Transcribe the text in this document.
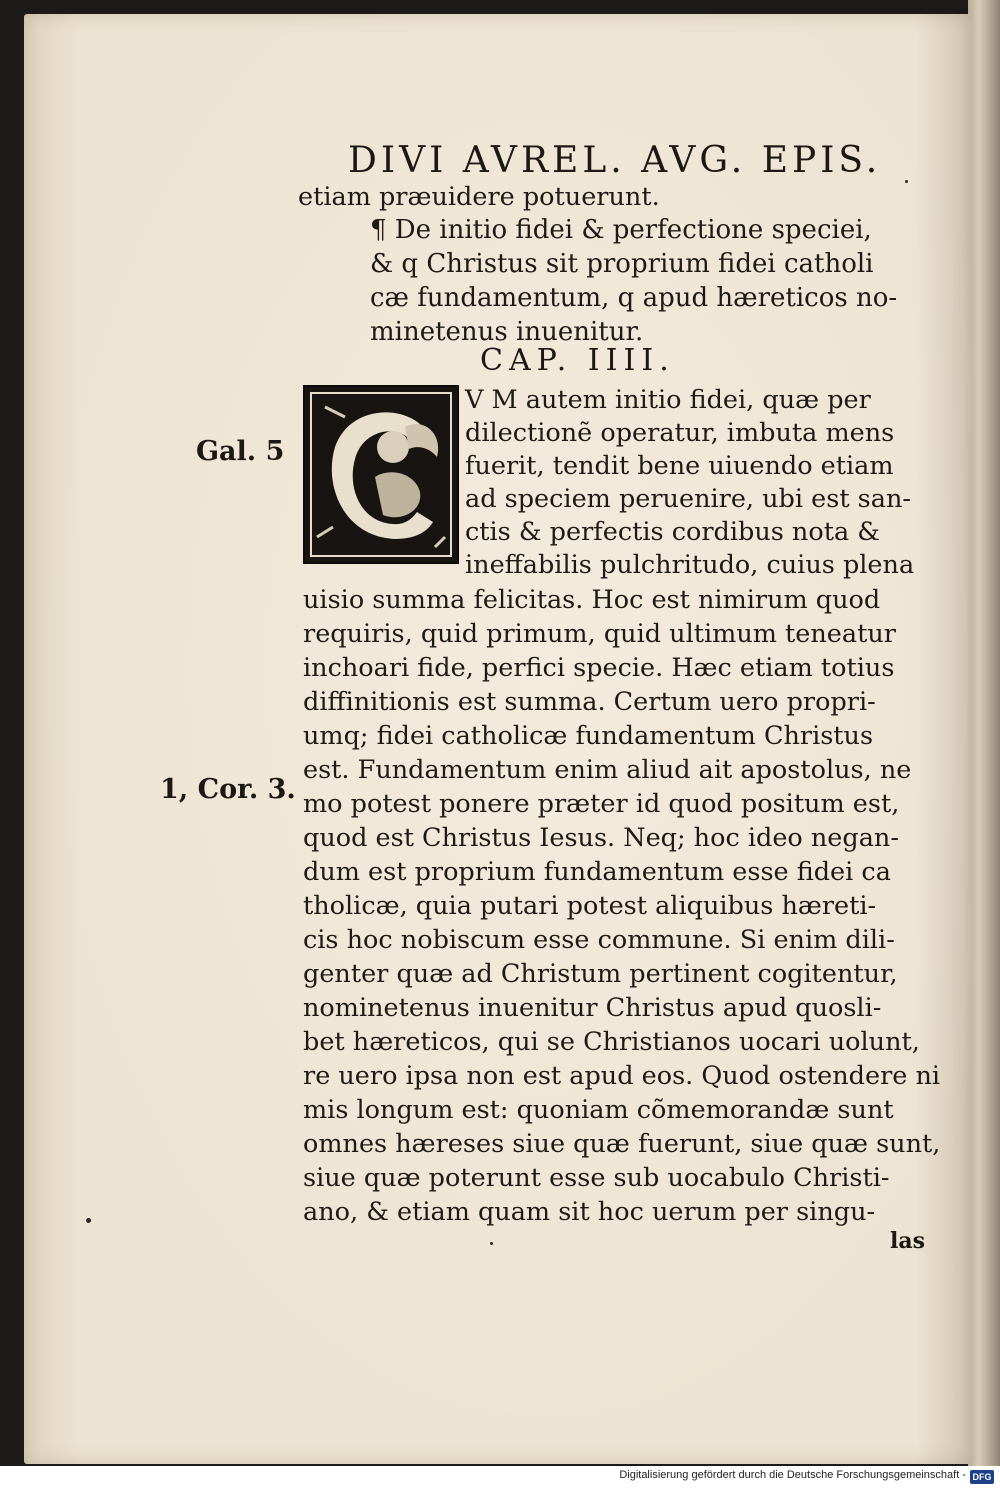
DIVI AVREL. AVG. EPIS.
etiam præuidere potuerunt.
¶ De initio fidei & perfectione speciei,
& q Christus sit proprium fidei catholi
cæ fundamentum, q apud hæreticos no-
minetenus inuenitur.
CAP. IIII.
V M autem initio fidei, quæ per
dilectionẽ operatur, imbuta mens
fuerit, tendit bene uiuendo etiam
ad speciem peruenire, ubi est san-
ctis & perfectis cordibus nota &
ineffabilis pulchritudo, cuius plena
uisio summa felicitas. Hoc est nimirum quod
requiris, quid primum, quid ultimum teneatur
inchoari fide, perfici specie. Hæc etiam totius
diffinitionis est summa. Certum uero propri-
umq; fidei catholicæ fundamentum Christus
est. Fundamentum enim aliud ait apostolus, ne
mo potest ponere præter id quod positum est,
quod est Christus Iesus. Neq; hoc ideo negan-
dum est proprium fundamentum esse fidei ca
tholicæ, quia putari potest aliquibus hæreti-
cis hoc nobiscum esse commune. Si enim dili-
genter quæ ad Christum pertinent cogitentur,
nominetenus inuenitur Christus apud quosli-
bet hæreticos, qui se Christianos uocari uolunt,
re uero ipsa non est apud eos. Quod ostendere ni
mis longum est: quoniam cõmemorandæ sunt
omnes hæreses siue quæ fuerunt, siue quæ sunt,
siue quæ poterunt esse sub uocabulo Christi-
ano, & etiam quam sit hoc uerum per singu-
Gal. 5
1, Cor. 3.
las
Digitalisierung gefördert durch die Deutsche Forschungsgemeinschaft - DFG
